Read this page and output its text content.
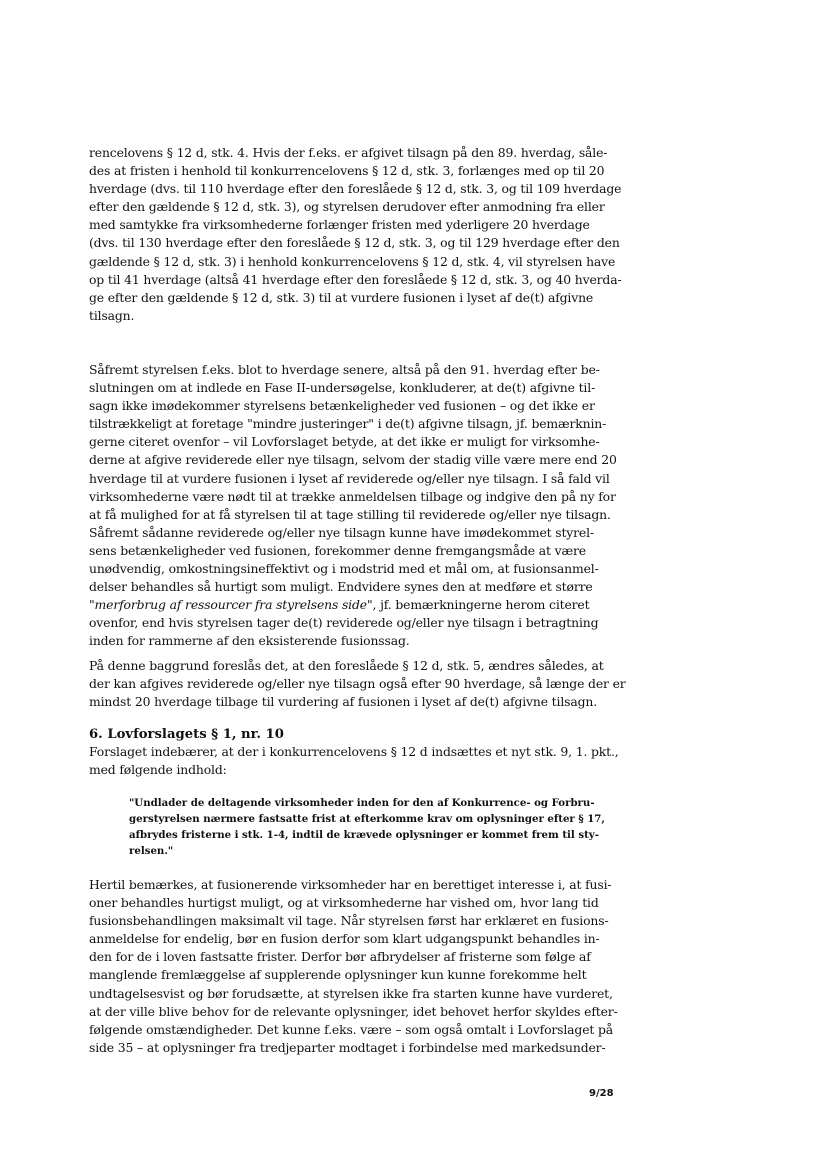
rencelovens § 12 d, stk. 4. Hvis der f.eks. er afgivet tilsagn på den 89. hverdag, såle-
des at fristen i henhold til konkurrencelovens § 12 d, stk. 3, forlænges med op til 20
hverdage (dvs. til 110 hverdage efter den foreslåede § 12 d, stk. 3, og til 109 hverdage
efter den gældende § 12 d, stk. 3), og styrelsen derudover efter anmodning fra eller
med samtykke fra virksomhederne forlænger fristen med yderligere 20 hverdage
(dvs. til 130 hverdage efter den foreslåede § 12 d, stk. 3, og til 129 hverdage efter den
gældende § 12 d, stk. 3) i henhold konkurrencelovens § 12 d, stk. 4, vil styrelsen have
op til 41 hverdage (altså 41 hverdage efter den foreslåede § 12 d, stk. 3, og 40 hverda-
ge efter den gældende § 12 d, stk. 3) til at vurdere fusionen i lyset af de(t) afgivne
tilsagn.
Såfremt styrelsen f.eks. blot to hverdage senere, altså på den 91. hverdag efter be-
slutningen om at indlede en Fase II-undersøgelse, konkluderer, at de(t) afgivne til-
sagn ikke imødekommer styrelsens betænkeligheder ved fusionen – og det ikke er
tilstrækkeligt at foretage "mindre justeringer" i de(t) afgivne tilsagn, jf. bemærknin-
gerne citeret ovenfor – vil Lovforslaget betyde, at det ikke er muligt for virksomhe-
derne at afgive reviderede eller nye tilsagn, selvom der stadig ville være mere end 20
hverdage til at vurdere fusionen i lyset af reviderede og/eller nye tilsagn. I så fald vil
virksomhederne være nødt til at trække anmeldelsen tilbage og indgive den på ny for
at få mulighed for at få styrelsen til at tage stilling til reviderede og/eller nye tilsagn.
Såfremt sådanne reviderede og/eller nye tilsagn kunne have imødekommet styrel-
sens betænkeligheder ved fusionen, forekommer denne fremgangsmåde at være
unødvendig, omkostningsineffektivt og i modstrid med et mål om, at fusionsanmel-
delser behandles så hurtigt som muligt. Endvidere synes den at medføre et større
"merforbrug af ressourcer fra styrelsens side", jf. bemærkningerne herom citeret
ovenfor, end hvis styrelsen tager de(t) reviderede og/eller nye tilsagn i betragtning
inden for rammerne af den eksisterende fusionssag.
På denne baggrund foreslås det, at den foreslåede § 12 d, stk. 5, ændres således, at
der kan afgives reviderede og/eller nye tilsagn også efter 90 hverdage, så længe der er
mindst 20 hverdage tilbage til vurdering af fusionen i lyset af de(t) afgivne tilsagn.
6. Lovforslagets § 1, nr. 10
Forslaget indebærer, at der i konkurrencelovens § 12 d indsættes et nyt stk. 9, 1. pkt.,
med følgende indhold:
"Undlader de deltagende virksomheder inden for den af Konkurrence- og Forbru-
gerstyrelsen nærmere fastsatte frist at efterkomme krav om oplysninger efter § 17,
afbrydes fristerne i stk. 1-4, indtil de krævede oplysninger er kommet frem til sty-
relsen."
Hertil bemærkes, at fusionerende virksomheder har en berettiget interesse i, at fusi-
oner behandles hurtigst muligt, og at virksomhederne har vished om, hvor lang tid
fusionsbehandlingen maksimalt vil tage. Når styrelsen først har erklæret en fusions-
anmeldelse for endelig, bør en fusion derfor som klart udgangspunkt behandles in-
den for de i loven fastsatte frister. Derfor bør afbrydelser af fristerne som følge af
manglende fremlæggelse af supplerende oplysninger kun kunne forekomme helt
undtagelsesvist og bør forudsætte, at styrelsen ikke fra starten kunne have vurderet,
at der ville blive behov for de relevante oplysninger, idet behovet herfor skyldes efter-
følgende omstændigheder. Det kunne f.eks. være – som også omtalt i Lovforslaget på
side 35 – at oplysninger fra tredjeparter modtaget i forbindelse med markedsunder-
9/28
